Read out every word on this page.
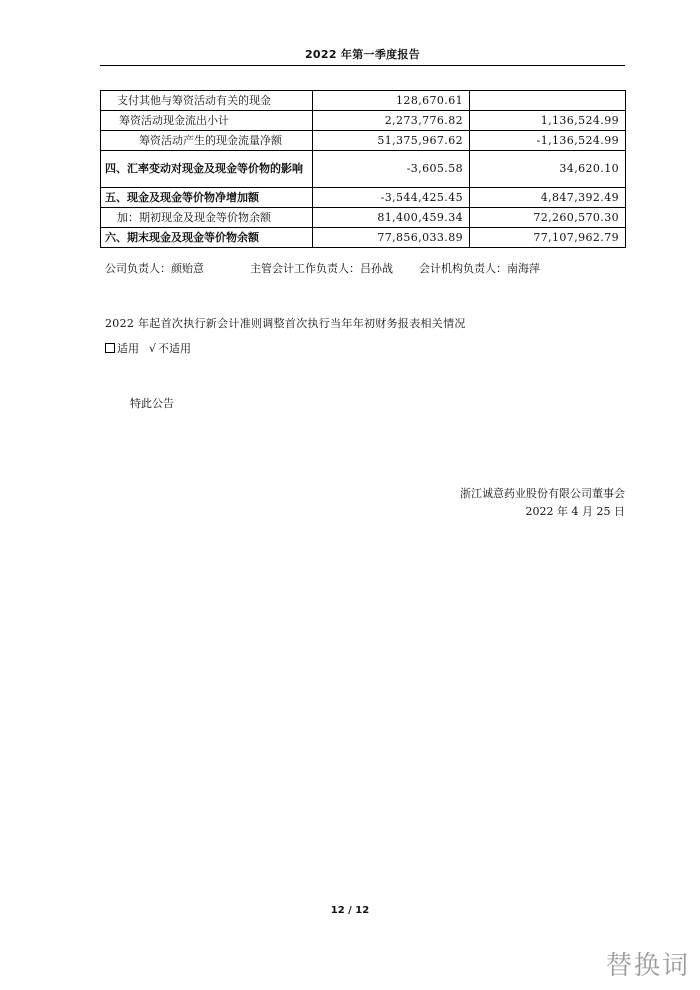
2022 年第一季度报告
支付其他与筹资活动有关的现金	128,670.61	
筹资活动现金流出小计	2,273,776.82	1,136,524.99
筹资活动产生的现金流量净额	51,375,967.62	-1,136,524.99
四、汇率变动对现金及现金等价物的影响	-3,605.58	34,620.10
五、现金及现金等价物净增加额	-3,544,425.45	4,847,392.49
加：期初现金及现金等价物余额	81,400,459.34	72,260,570.30
六、期末现金及现金等价物余额	77,856,033.89	77,107,962.79
公司负责人：颜贻意	主管会计工作负责人：吕孙战 会计机构负责人：南海萍
2022 年起首次执行新会计准则调整首次执行当年年初财务报表相关情况
适用 √ 不适用
特此公告
浙江诚意药业股份有限公司董事会
2022 年 4 月 25 日
12 / 12
替换词
